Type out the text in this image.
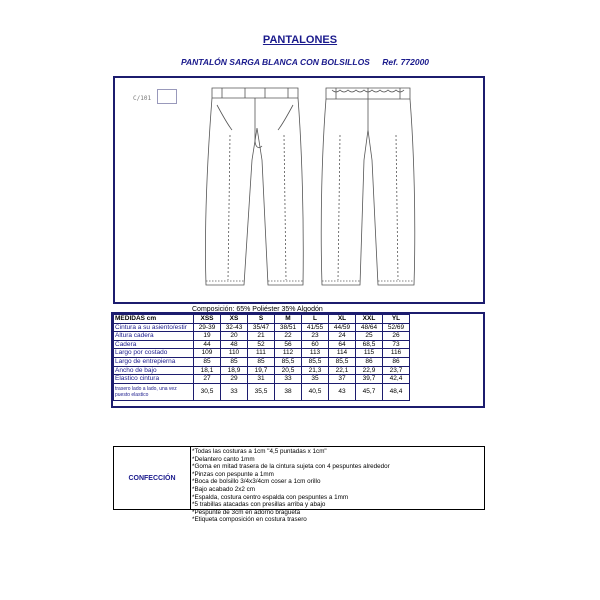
PANTALONES
PANTALÓN SARGA BLANCA CON BOLSILLOS Ref. 772000
C/101
Composición: 65% Poliéster 35% Algodón
MEDIDAS cm	XSS	XS	S	M	L	XL	XXL	YL
Cintura a su asiento/estir	29-39	32-43	35/47	38/51	41/55	44/59	48/64	52/69
Altura cadera	19	20	21	22	23	24	25	26
Cadera	44	48	52	56	60	64	68,5	73
Largo por costado	109	110	111	112	113	114	115	116
Largo de entrepierna	85	85	85	85,5	85,5	85,5	86	86
Ancho de bajo	18,1	18,9	19,7	20,5	21,3	22,1	22,9	23,7
Elastico cintura	27	29	31	33	35	37	39,7	42,4
trasero lado a lado, una vez puesto elastico	30,5	33	35,5	38	40,5	43	45,7	48,4
CONFECCIÓN
*Todas las costuras a 1cm "4,5 puntadas x 1cm"
*Delantero canto 1mm
*Goma en mitad trasera de la cintura sujeta con 4 pespuntes alrededor
*Pinzas con pespunte a 1mm
*Boca de bolsillo 3/4x3/4cm coser a 1cm orillo
*Bajo acabado 2x2 cm
*Espalda, costura centro espalda con pespuntes a 1mm
*5 trabillas atacadas con presillas arriba y abajo
*Pespunte de 3cm en adorno bragueta
*Etiqueta composición en costura trasero
